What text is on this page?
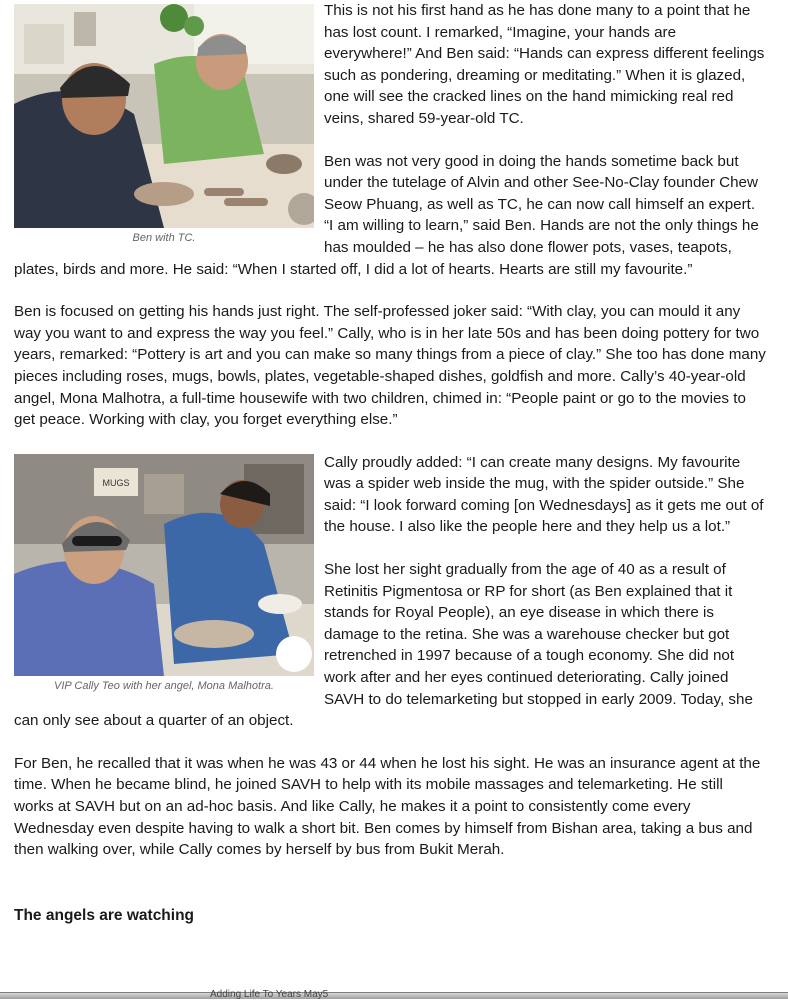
Ben with TC.

This is not his first hand as he has done many to a point that he has lost count. I remarked, “Imagine, your hands are everywhere!” And Ben said: “Hands can express different feelings such as pondering, dreaming or meditating.” When it is glazed, one will see the cracked lines on the hand mimicking real red veins, shared 59-year-old TC.

Ben was not very good in doing the hands sometime back but under the tutelage of Alvin and other See-No-Clay founder Chew Seow Phuang, as well as TC, he can now call himself an expert. “I am willing to learn,” said Ben. Hands are not the only things he has moulded – he has also done flower pots, vases, teapots, plates, birds and more. He said: “When I started off, I did a lot of hearts. Hearts are still my favourite.”

Ben is focused on getting his hands just right. The self-professed joker said: “With clay, you can mould it any way you want to and express the way you feel.” Cally, who is in her late 50s and has been doing pottery for two years, remarked: “Pottery is art and you can make so many things from a piece of clay.” She too has done many pieces including roses, mugs, bowls, plates, vegetable-shaped dishes, goldfish and more. Cally’s 40-year-old angel, Mona Malhotra, a full-time housewife with two children, chimed in: “People paint or go to the movies to get peace. Working with clay, you forget everything else.”

MUGS
VIP Cally Teo with her angel, Mona Malhotra.

Cally proudly added: “I can create many designs. My favourite was a spider web inside the mug, with the spider outside.” She said: “I look forward coming [on Wednesdays] as it gets me out of the house. I also like the people here and they help us a lot.”

She lost her sight gradually from the age of 40 as a result of Retinitis Pigmentosa or RP for short (as Ben explained that it stands for Royal People), an eye disease in which there is damage to the retina. She was a warehouse checker but got retrenched in 1997 because of a tough economy. She did not work after and her eyes continued deteriorating. Cally joined SAVH to do telemarketing but stopped in early 2009. Today, she can only see about a quarter of an object.

For Ben, he recalled that it was when he was 43 or 44 when he lost his sight. He was an insurance agent at the time. When he became blind, he joined SAVH to help with its mobile massages and telemarketing. He still works at SAVH but on an ad-hoc basis. And like Cally, he makes it a point to consistently come every Wednesday even despite having to walk a short bit. Ben comes by himself from Bishan area, taking a bus and then walking over, while Cally comes by herself by bus from Bukit Merah.

The angels are watching
Adding Life To Years May5
